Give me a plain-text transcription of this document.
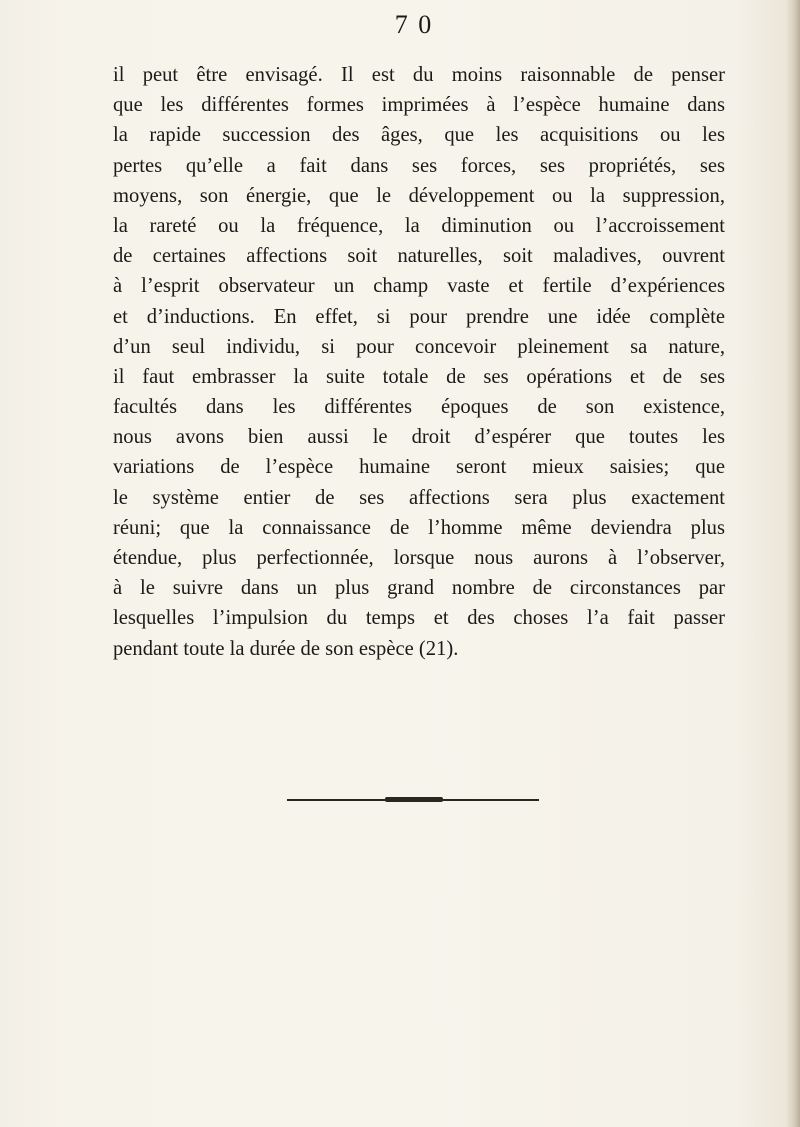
7 0
il peut être envisagé. Il est du moins raisonnable de penser
que les différentes formes imprimées à l’espèce humaine dans
la rapide succession des âges, que les acquisitions ou les
pertes qu’elle a fait dans ses forces, ses propriétés, ses
moyens, son énergie, que le développement ou la suppression,
la rareté ou la fréquence, la diminution ou l’accroissement
de certaines affections soit naturelles, soit maladives, ouvrent
à l’esprit observateur un champ vaste et fertile d’expériences
et d’inductions. En effet, si pour prendre une idée complète
d’un seul individu, si pour concevoir pleinement sa nature,
il faut embrasser la suite totale de ses opérations et de ses
facultés dans les différentes époques de son existence,
nous avons bien aussi le droit d’espérer que toutes les
variations de l’espèce humaine seront mieux saisies; que
le système entier de ses affections sera plus exactement
réuni; que la connaissance de l’homme même deviendra plus
étendue, plus perfectionnée, lorsque nous aurons à l’observer,
à le suivre dans un plus grand nombre de circonstances par
lesquelles l’impulsion du temps et des choses l’a fait passer
pendant toute la durée de son espèce (21).
